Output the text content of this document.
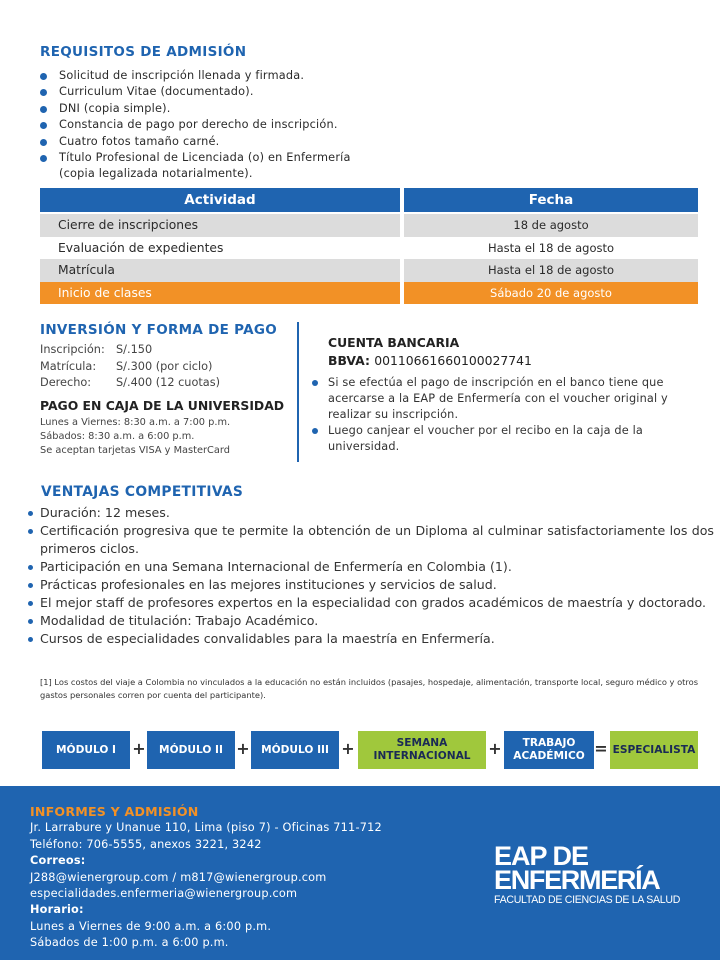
REQUISITOS DE ADMISIÓN
Solicitud de inscripción llenada y firmada.
Curriculum Vitae (documentado).
DNI (copia simple).
Constancia de pago por derecho de inscripción.
Cuatro fotos tamaño carné.
Título Profesional de Licenciada (o) en Enfermería
(copia legalizada notarialmente).
Actividad	Fecha
Cierre de inscripciones	18 de agosto
Evaluación de expedientes	Hasta el 18 de agosto
Matrícula	Hasta el 18 de agosto
Inicio de clases	Sábado 20 de agosto
INVERSIÓN Y FORMA DE PAGO
Inscripción: S/.150
Matrícula:	S/.300 (por ciclo)
Derecho:	S/.400 (12 cuotas)
PAGO EN CAJA DE LA UNIVERSIDAD

Lunes a Viernes: 8:30 a.m. a 7:00 p.m.

Sábados: 8:30 a.m. a 6:00 p.m.

Se aceptan tarjetas VISA y MasterCard

CUENTA BANCARIA
BBVA: 0011066166010002774​1
Si se efectúa el pago de inscripción en el banco tiene que acercarse a la EAP de Enfermería con el voucher original y realizar su inscripción.
Luego canjear el voucher por el recibo en la caja de la universidad.
VENTAJAS COMPETITIVAS
Duración: 12 meses.
Certificación progresiva que te permite la obtención de un Diploma al culminar satisfactoriamente los dos primeros ciclos.
Participación en una Semana Internacional de Enfermería en Colombia (1).
Prácticas profesionales en las mejores instituciones y servicios de salud.
El mejor staff de profesores expertos en la especialidad con grados académicos de maestría y doctorado.
Modalidad de titulación: Trabajo Académico.
Cursos de especialidades convalidables para la maestría en Enfermería.

[1] Los costos del viaje a Colombia no vinculados a la educación no están incluidos (pasajes, hospedaje, alimentación, transporte local, seguro médico y otros gastos personales corren por cuenta del participante).

MÓDULO I	+	MÓDULO II +	MÓDULO III +	SEMANA INTERNACIONAL	+	TRABAJO ACADÉMICO = ESPECIALISTA
INFORMES Y ADMISIÓN
Jr. Larrabure y Unanue 110, Lima (piso 7) - Oficinas 711-712
Teléfono: 706-5555, anexos 3221, 3242
Correos:
J288@wienergroup.com / m817@wienergroup.com
especialidades.enfermeria@wienergroup.com
Horario:
Lunes a Viernes de 9:00 a.m. a 6:00 p.m.
Sábados de 1:00 p.m. a 6:00 p.m.
EAP DE
ENFERMERÍA
FACULTAD DE CIENCIAS DE LA SALUD
